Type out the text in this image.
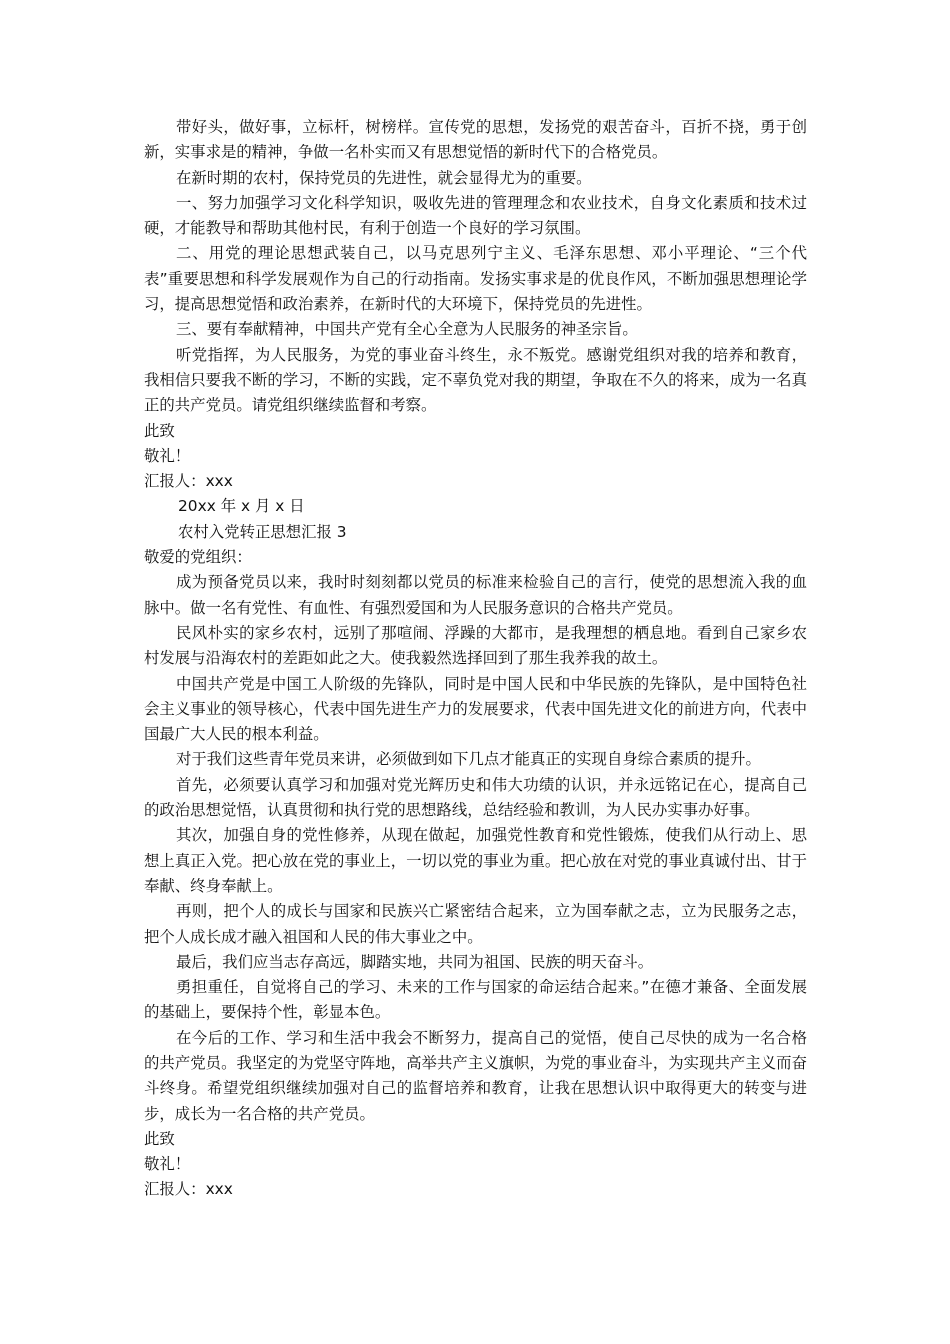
带好头，做好事，立标杆，树榜样。宣传党的思想，发扬党的艰苦奋斗，百折不挠，勇于创新，实事求是的精神，争做一名朴实而又有思想觉悟的新时代下的合格党员。

在新时期的农村，保持党员的先进性，就会显得尤为的重要。

一、努力加强学习文化科学知识，吸收先进的管理理念和农业技术，自身文化素质和技术过硬，才能教导和帮助其他村民，有利于创造一个良好的学习氛围。

二、用党的理论思想武装自己，以马克思列宁主义、毛泽东思想、邓小平理论、“三个代表”重要思想和科学发展观作为自己的行动指南。发扬实事求是的优良作风，不断加强思想理论学习，提高思想觉悟和政治素养，在新时代的大环境下，保持党员的先进性。

三、要有奉献精神，中国共产党有全心全意为人民服务的神圣宗旨。

听党指挥，为人民服务，为党的事业奋斗终生，永不叛党。感谢党组织对我的培养和教育，我相信只要我不断的学习，不断的实践，定不辜负党对我的期望，争取在不久的将来，成为一名真正的共产党员。请党组织继续监督和考察。

此致

敬礼！

汇报人：xxx

20xx 年 x 月 x 日

农村入党转正思想汇报 3

敬爱的党组织：

成为预备党员以来，我时时刻刻都以党员的标准来检验自己的言行，使党的思想流入我的血脉中。做一名有党性、有血性、有强烈爱国和为人民服务意识的合格共产党员。

民风朴实的家乡农村，远别了那喧闹、浮躁的大都市，是我理想的栖息地。看到自己家乡农村发展与沿海农村的差距如此之大。使我毅然选择回到了那生我养我的故土。

中国共产党是中国工人阶级的先锋队，同时是中国人民和中华民族的先锋队，是中国特色社会主义事业的领导核心，代表中国先进生产力的发展要求，代表中国先进文化的前进方向，代表中国最广大人民的根本利益。

对于我们这些青年党员来讲，必须做到如下几点才能真正的实现自身综合素质的提升。

首先，必须要认真学习和加强对党光辉历史和伟大功绩的认识，并永远铭记在心，提高自己的政治思想觉悟，认真贯彻和执行党的思想路线，总结经验和教训，为人民办实事办好事。

其次，加强自身的党性修养，从现在做起，加强党性教育和党性锻炼，使我们从行动上、思想上真正入党。把心放在党的事业上，一切以党的事业为重。把心放在对党的事业真诚付出、甘于奉献、终身奉献上。

再则，把个人的成长与国家和民族兴亡紧密结合起来，立为国奉献之志，立为民服务之志，把个人成长成才融入祖国和人民的伟大事业之中。

最后，我们应当志存高远，脚踏实地，共同为祖国、民族的明天奋斗。

勇担重任，自觉将自己的学习、未来的工作与国家的命运结合起来。”在德才兼备、全面发展的基础上，要保持个性，彰显本色。

在今后的工作、学习和生活中我会不断努力，提高自己的觉悟，使自己尽快的成为一名合格的共产党员。我坚定的为党坚守阵地，高举共产主义旗帜，为党的事业奋斗，为实现共产主义而奋斗终身。希望党组织继续加强对自己的监督培养和教育，让我在思想认识中取得更大的转变与进步，成长为一名合格的共产党员。

此致

敬礼！

汇报人：xxx
